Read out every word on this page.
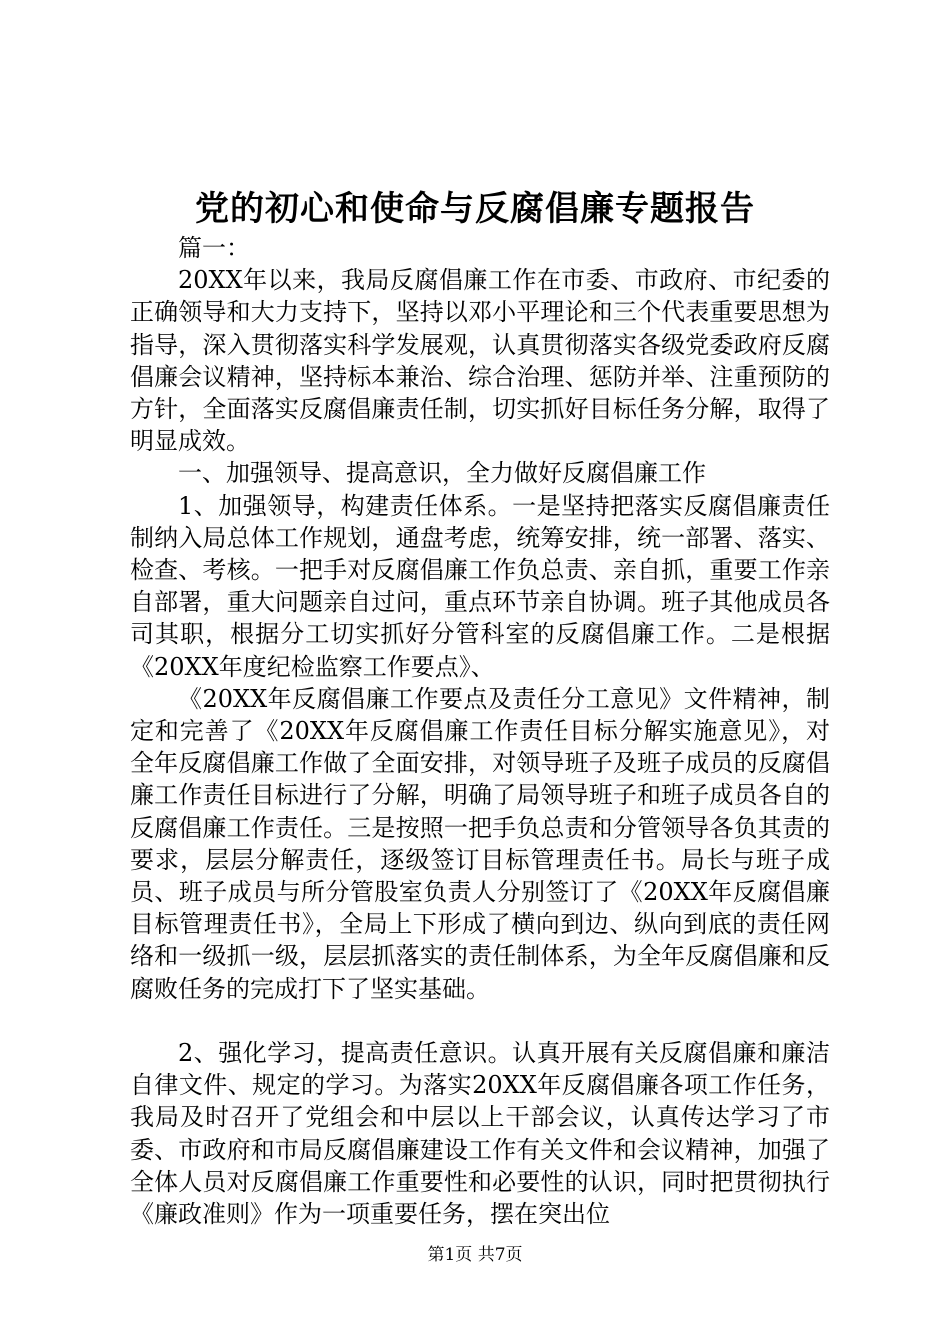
党的初心和使命与反腐倡廉专题报告

篇一：

20XX年以来，我局反腐倡廉工作在市委、市政府、市纪委的正确领导和大力支持下，坚持以邓小平理论和三个代表重要思想为指导，深入贯彻落实科学发展观，认真贯彻落实各级党委政府反腐倡廉会议精神，坚持标本兼治、综合治理、惩防并举、注重预防的方针，全面落实反腐倡廉责任制，切实抓好目标任务分解，取得了明显成效。

一、加强领导、提高意识，全力做好反腐倡廉工作

1、加强领导，构建责任体系。一是坚持把落实反腐倡廉责任制纳入局总体工作规划，通盘考虑，统筹安排，统一部署、落实、检查、考核。一把手对反腐倡廉工作负总责、亲自抓，重要工作亲自部署，重大问题亲自过问，重点环节亲自协调。班子其他成员各司其职，根据分工切实抓好分管科室的反腐倡廉工作。二是根据《20XX年度纪检监察工作要点》、

《20XX年反腐倡廉工作要点及责任分工意见》文件精神，制定和完善了《20XX年反腐倡廉工作责任目标分解实施意见》，对全年反腐倡廉工作做了全面安排，对领导班子及班子成员的反腐倡廉工作责任目标进行了分解，明确了局领导班子和班子成员各自的反腐倡廉工作责任。三是按照一把手负总责和分管领导各负其责的要求，层层分解责任，逐级签订目标管理责任书。局长与班子成员、班子成员与所分管股室负责人分别签订了《20XX年反腐倡廉目标管理责任书》，全局上下形成了横向到边、纵向到底的责任网络和一级抓一级，层层抓落实的责任制体系，为全年反腐倡廉和反腐败任务的完成打下了坚实基础。

2、强化学习，提高责任意识。认真开展有关反腐倡廉和廉洁自律文件、规定的学习。为落实20XX年反腐倡廉各项工作任务，我局及时召开了党组会和中层以上干部会议，认真传达学习了市委、市政府和市局反腐倡廉建设工作有关文件和会议精神，加强了全体人员对反腐倡廉工作重要性和必要性的认识，同时把贯彻执行《廉政准则》作为一项重要任务，摆在突出位

第1页 共7页
